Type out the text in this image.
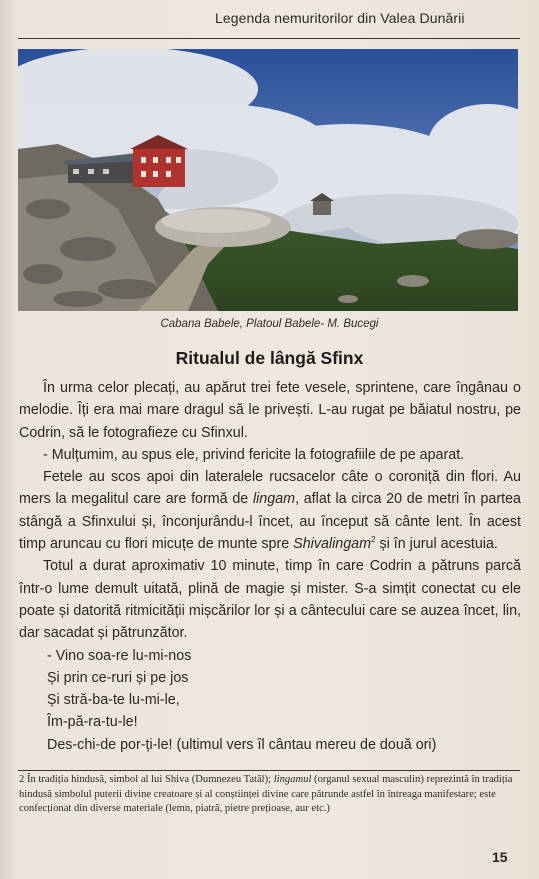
Legenda nemuritorilor din Valea Dunării
Cabana Babele, Platoul Babele- M. Bucegi
Ritualul de lângă Sfinx

În urma celor plecați, au apărut trei fete vesele, sprintene, care îngânau o melodie. Îți era mai mare dragul să le privești. L-au rugat pe băiatul nostru, pe Codrin, să le fotografieze cu Sfinxul.

- Mulțumim, au spus ele, privind fericite la fotografiile de pe aparat.

Fetele au scos apoi din lateralele rucsacelor câte o coroniță din flori. Au mers la megalitul care are formă de lingam, aflat la circa 20 de metri în partea stângă a Sfinxului și, înconjurându-l încet, au început să cânte lent. În acest timp aruncau cu flori micuțe de munte spre Shivalingam$^2$ și în jurul acestuia.

Totul a durat aproximativ 10 minute, timp în care Codrin a pătruns parcă într-o lume demult uitată, plină de magie și mister. S-a simțit conectat cu ele poate și datorită ritmicității mișcărilor lor și a cântecului care se auzea încet, lin, dar sacadat și pătrunzător.

- Vino soa-re lu-mi-nos

Și prin ce-ruri și pe jos

Și stră-ba-te lu-mi-le,

Îm-pă-ra-tu-le!

Des-chi-de por-ți-le! (ultimul vers îl cântau mereu de două ori)

2 În tradiția hindusă, simbol al lui Shiva (Dumnezeu Tatăl); lingamul (organul sexual masculin) reprezintă în tradiția hindusă simbolul puterii divine creatoare și al conștiinței divine care pătrunde astfel în întreaga manifestare; este confecționat din diverse materiale (lemn, piatră, pietre prețioase, aur etc.)
15
